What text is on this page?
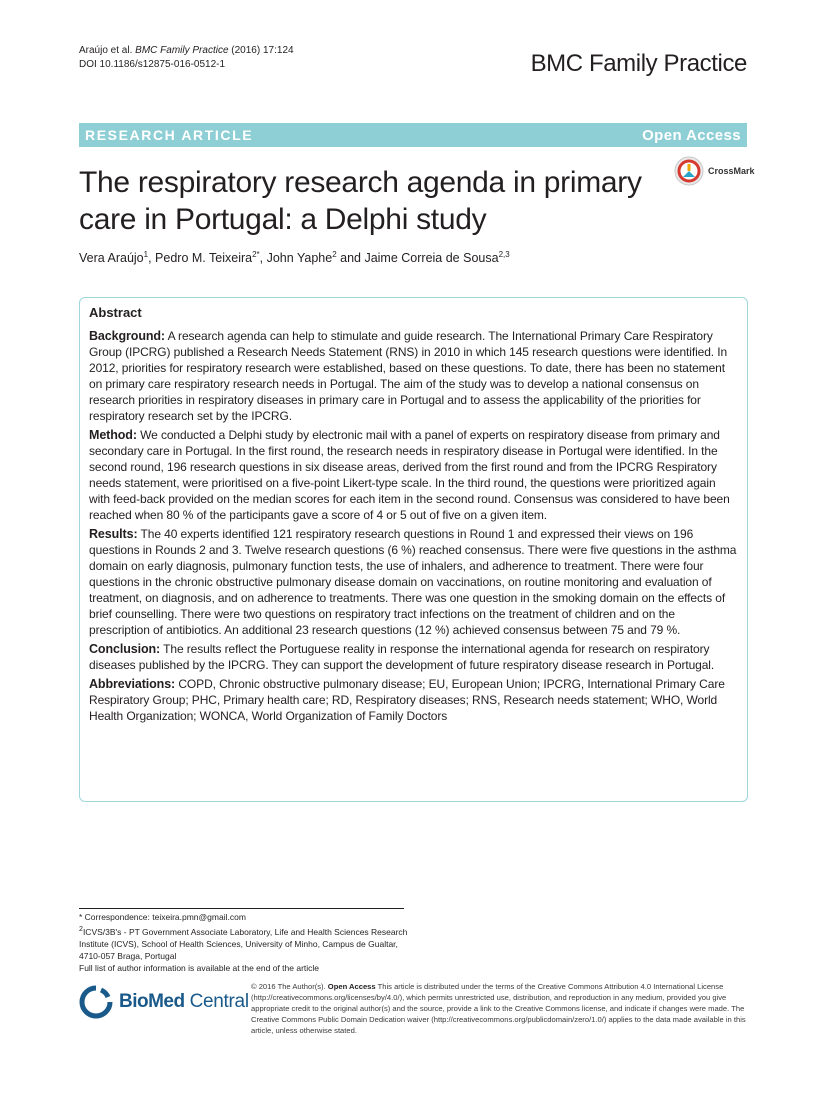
Araújo et al. BMC Family Practice (2016) 17:124
DOI 10.1186/s12875-016-0512-1	BMC Family Practice
RESEARCH ARTICLE	Open Access
The respiratory research agenda in primary
care in Portugal: a Delphi study
CrossMark
Vera Araújo$^1$, Pedro M. Teixeira$^{2*}$, John Yaphe$^2$ and Jaime Correia de Sousa$^{2,3}$
Abstract

Background: A research agenda can help to stimulate and guide research. The International Primary Care Respiratory Group (IPCRG) published a Research Needs Statement (RNS) in 2010 in which 145 research questions were identified. In 2012, priorities for respiratory research were established, based on these questions. To date, there has been no statement on primary care respiratory research needs in Portugal. The aim of the study was to develop a national consensus on research priorities in respiratory diseases in primary care in Portugal and to assess the applicability of the priorities for respiratory research set by the IPCRG.

Method: We conducted a Delphi study by electronic mail with a panel of experts on respiratory disease from primary and secondary care in Portugal. In the first round, the research needs in respiratory disease in Portugal were identified. In the second round, 196 research questions in six disease areas, derived from the first round and from the IPCRG Respiratory needs statement, were prioritised on a five-point Likert-type scale. In the third round, the questions were prioritized again with feed-back provided on the median scores for each item in the second round. Consensus was considered to have been reached when 80 % of the participants gave a score of 4 or 5 out of five on a given item.

Results: The 40 experts identified 121 respiratory research questions in Round 1 and expressed their views on 196 questions in Rounds 2 and 3. Twelve research questions (6 %) reached consensus. There were five questions in the asthma domain on early diagnosis, pulmonary function tests, the use of inhalers, and adherence to treatment. There were four questions in the chronic obstructive pulmonary disease domain on vaccinations, on routine monitoring and evaluation of treatment, on diagnosis, and on adherence to treatments. There was one question in the smoking domain on the effects of brief counselling. There were two questions on respiratory tract infections on the treatment of children and on the prescription of antibiotics. An additional 23 research questions (12 %) achieved consensus between 75 and 79 %.

Conclusion: The results reflect the Portuguese reality in response the international agenda for research on respiratory diseases published by the IPCRG. They can support the development of future respiratory disease research in Portugal.

Abbreviations: COPD, Chronic obstructive pulmonary disease; EU, European Union; IPCRG, International Primary Care Respiratory Group; PHC, Primary health care; RD, Respiratory diseases; RNS, Research needs statement; WHO, World Health Organization; WONCA, World Organization of Family Doctors

* Correspondence: teixeira.pmn@gmail.com
$^2$ICVS/3B's - PT Government Associate Laboratory, Life and Health Sciences Research Institute (ICVS), School of Health Sciences, University of Minho, Campus de Gualtar, 4710-057 Braga, Portugal
Full list of author information is available at the end of the article
BioMed Central
© 2016 The Author(s). Open Access This article is distributed under the terms of the Creative Commons Attribution 4.0 International License (http://creativecommons.org/licenses/by/4.0/), which permits unrestricted use, distribution, and reproduction in any medium, provided you give appropriate credit to the original author(s) and the source, provide a link to the Creative Commons license, and indicate if changes were made. The Creative Commons Public Domain Dedication waiver (http://creativecommons.org/publicdomain/zero/1.0/) applies to the data made available in this article, unless otherwise stated.
